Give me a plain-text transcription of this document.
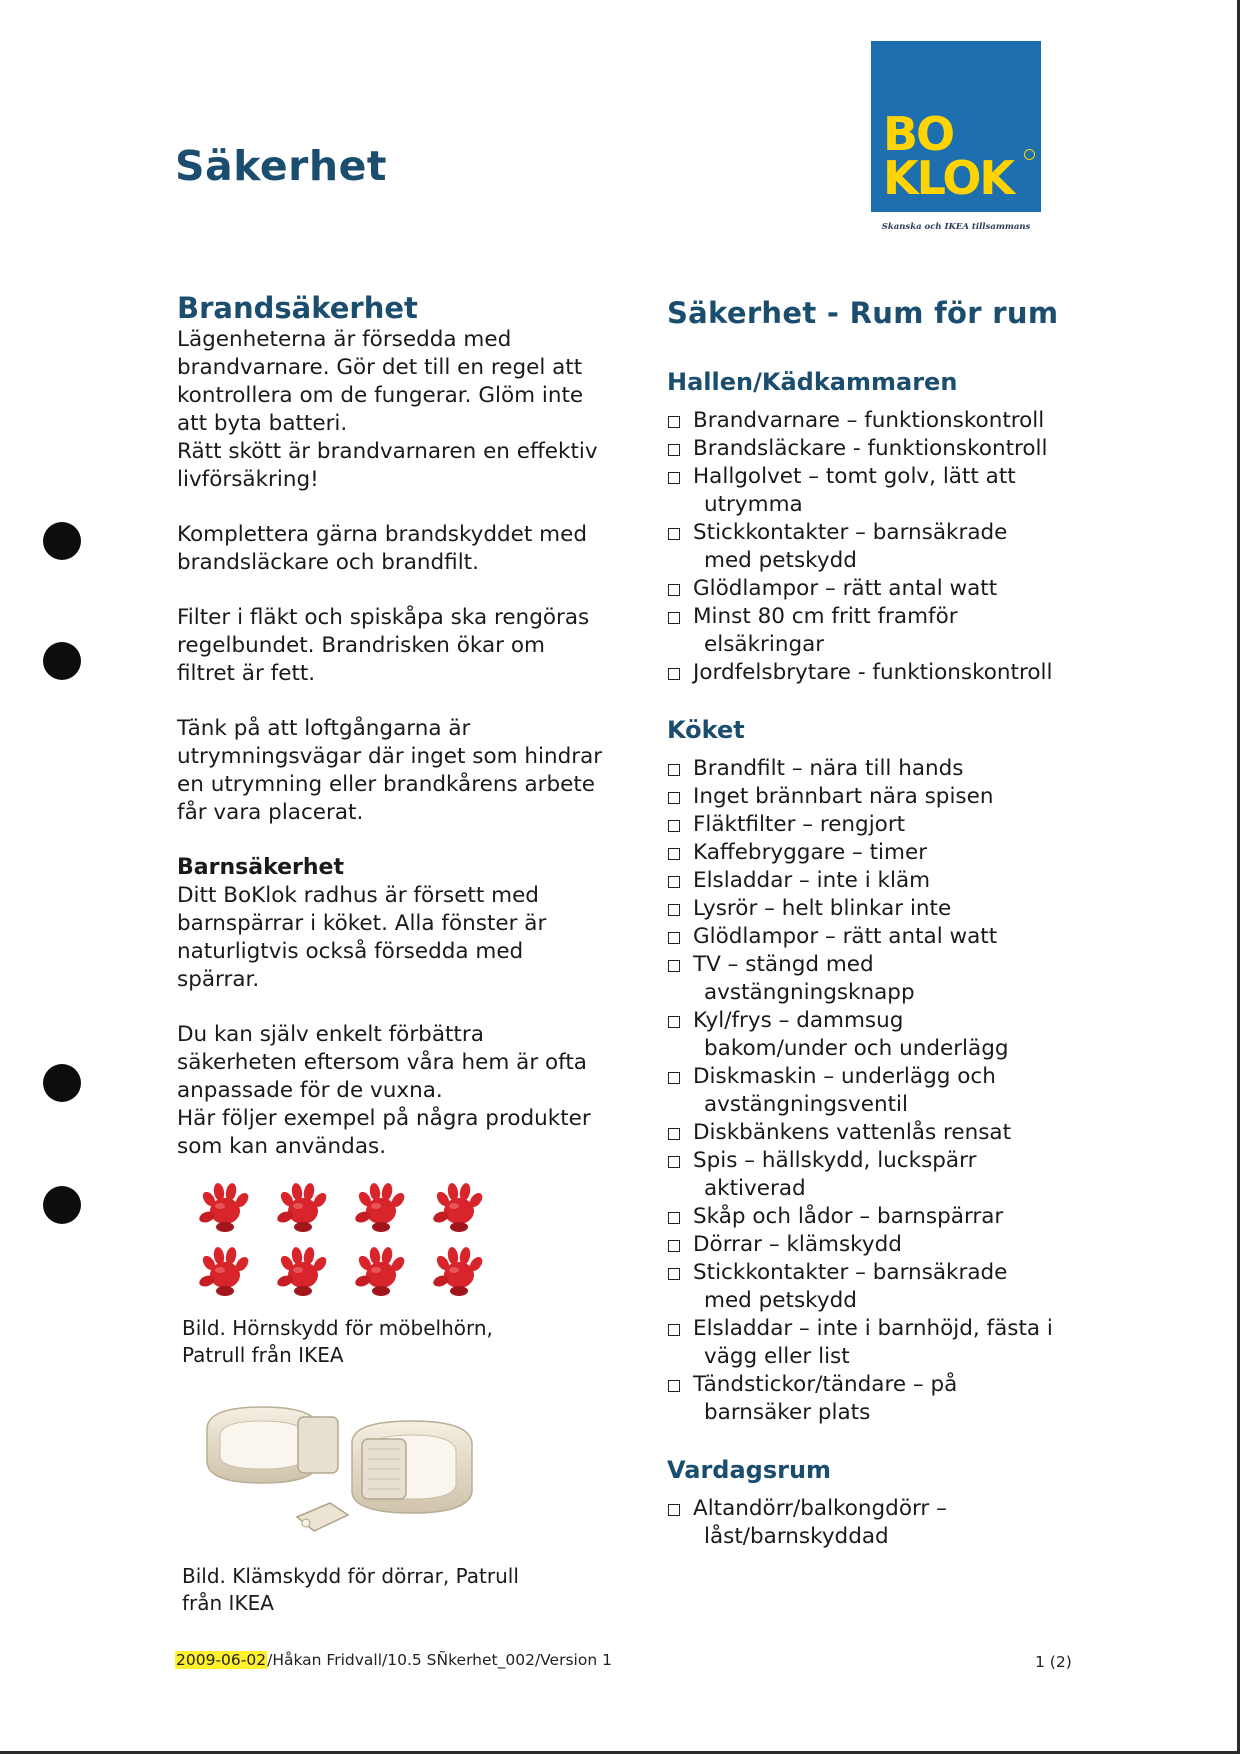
Säkerhet
BO
KLOK
Skanska och IKEA tillsammans
Brandsäkerhet
Lägenheterna är försedda med
brandvarnare. Gör det till en regel att
kontrollera om de fungerar. Glöm inte
att byta batteri.
Rätt skött är brandvarnaren en effektiv
livförsäkring!
Komplettera gärna brandskyddet med
brandsläckare och brandfilt.
Filter i fläkt och spiskåpa ska rengöras
regelbundet. Brandrisken ökar om
filtret är fett.
Tänk på att loftgångarna är
utrymningsvägar där inget som hindrar
en utrymning eller brandkårens arbete
får vara placerat.
Barnsäkerhet
Ditt BoKlok radhus är försett med
barnspärrar i köket. Alla fönster är
naturligtvis också försedda med
spärrar.
Du kan själv enkelt förbättra
säkerheten eftersom våra hem är ofta
anpassade för de vuxna.
Här följer exempel på några produkter
som kan användas.
Bild. Hörnskydd för möbelhörn,
Patrull från IKEA
Bild. Klämskydd för dörrar, Patrull
från IKEA
Säkerhet - Rum för rum
Hallen/Kädkammaren
Brandvarnare – funktionskontroll
Brandsläckare - funktionskontroll
Hallgolvet – tomt golv, lätt att
utrymma
Stickkontakter – barnsäkrade
med petskydd
Glödlampor – rätt antal watt
Minst 80 cm fritt framför
elsäkringar
Jordfelsbrytare - funktionskontroll
Köket
Brandfilt – nära till hands
Inget brännbart nära spisen
Fläktfilter – rengjort
Kaffebryggare – timer
Elsladdar – inte i kläm
Lysrör – helt blinkar inte
Glödlampor – rätt antal watt
TV – stängd med
avstängningsknapp
Kyl/frys – dammsug
bakom/under och underlägg
Diskmaskin – underlägg och
avstängningsventil
Diskbänkens vattenlås rensat
Spis – hällskydd, luckspärr
aktiverad
Skåp och lådor – barnspärrar
Dörrar – klämskydd
Stickkontakter – barnsäkrade
med petskydd
Elsladdar – inte i barnhöjd, fästa i
vägg eller list
Tändstickor/tändare – på
barnsäker plats
Vardagsrum
Altandörr/balkongdörr –
låst/barnskyddad
2009-06-02/Håkan Fridvall/10.5 SÑkerhet_002/Version 1	1 (2)
